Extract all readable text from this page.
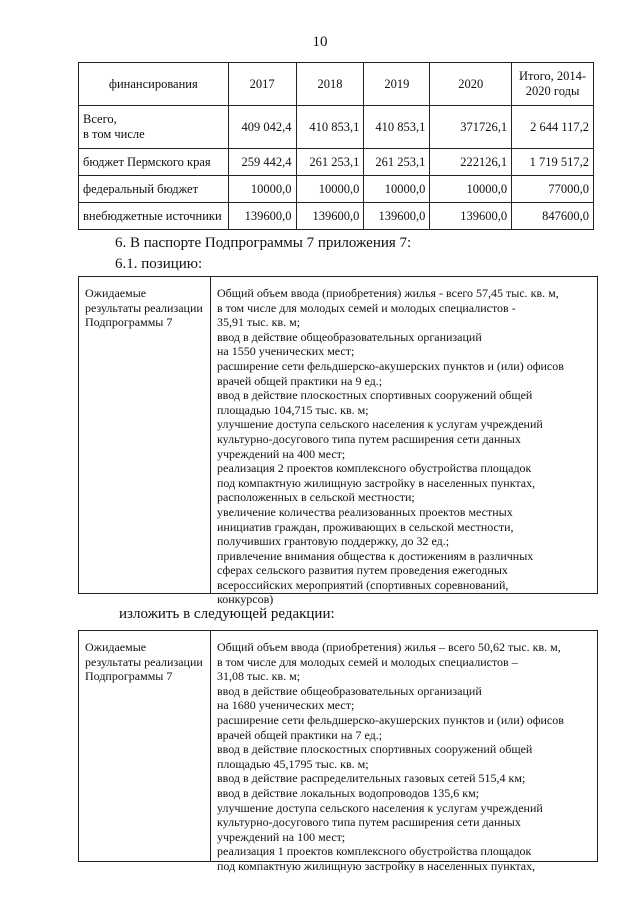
10
финансирования	2017	2018	2019	2020	Итого, 2014-
2020 годы
Всего,
в том числе	409 042,4	410 853,1	410 853,1	371726,1	2 644 117,2
бюджет Пермского края	259 442,4	261 253,1	261 253,1	222126,1	1 719 517,2
федеральный бюджет	10000,0	10000,0	10000,0	10000,0	77000,0
внебюджетные источники	139600,0	139600,0	139600,0	139600,0	847600,0
6. В паспорте Подпрограммы 7 приложения 7:
6.1. позицию:
Ожидаемые
результаты реализации
Подпрограммы 7
Общий объем ввода (приобретения) жилья - всего 57,45 тыс. кв. м,
в том числе для молодых семей и молодых специалистов -
35,91 тыс. кв. м;
ввод в действие общеобразовательных организаций
на 1550 ученических мест;
расширение сети фельдшерско-акушерских пунктов и (или) офисов
врачей общей практики на 9 ед.;
ввод в действие плоскостных спортивных сооружений общей
площадью 104,715 тыс. кв. м;
улучшение доступа сельского населения к услугам учреждений
культурно-досугового типа путем расширения сети данных
учреждений на 400 мест;
реализация 2 проектов комплексного обустройства площадок
под компактную жилищную застройку в населенных пунктах,
расположенных в сельской местности;
увеличение количества реализованных проектов местных
инициатив граждан, проживающих в сельской местности,
получивших грантовую поддержку, до 32 ед.;
привлечение внимания общества к достижениям в различных
сферах сельского развития путем проведения ежегодных
всероссийских мероприятий (спортивных соревнований,
конкурсов)
изложить в следующей редакции:
Ожидаемые
результаты реализации
Подпрограммы 7
Общий объем ввода (приобретения) жилья – всего 50,62 тыс. кв. м,
в том числе для молодых семей и молодых специалистов –
31,08 тыс. кв. м;
ввод в действие общеобразовательных организаций
на 1680 ученических мест;
расширение сети фельдшерско-акушерских пунктов и (или) офисов
врачей общей практики на 7 ед.;
ввод в действие плоскостных спортивных сооружений общей
площадью 45,1795 тыс. кв. м;
ввод в действие распределительных газовых сетей 515,4 км;
ввод в действие локальных водопроводов 135,6 км;
улучшение доступа сельского населения к услугам учреждений
культурно-досугового типа путем расширения сети данных
учреждений на 100 мест;
реализация 1 проектов комплексного обустройства площадок
под компактную жилищную застройку в населенных пунктах,
